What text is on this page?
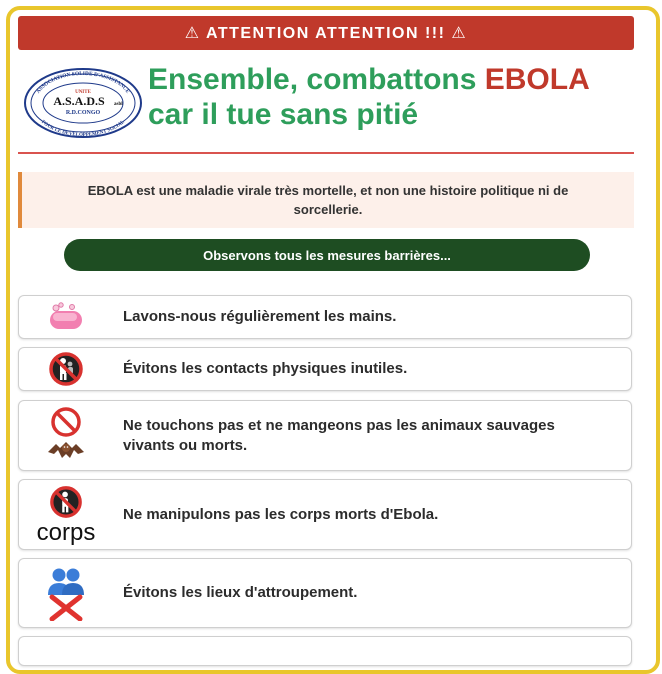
⚠ ATTENTION ATTENTION !!! ⚠
ASSOCIATION SOLIDE D'ASSISTANCE
POUR LE DEVELOPPEMENT SOCIAL
UNITE
A.S.A.D.S asbl
R.D.CONGO
Ensemble, combattons EBOLA
car il tue sans pitié
EBOLA est une maladie virale très mortelle, et non une histoire politique ni de sorcellerie.
Observons tous les mesures barrières...
Lavons-nous régulièrement les mains.
Évitons les contacts physiques inutiles.
Ne touchons pas et ne mangeons pas les animaux sauvages vivants ou morts.
corps
Ne manipulons pas les corps morts d'Ebola.
Évitons les lieux d'attroupement.
